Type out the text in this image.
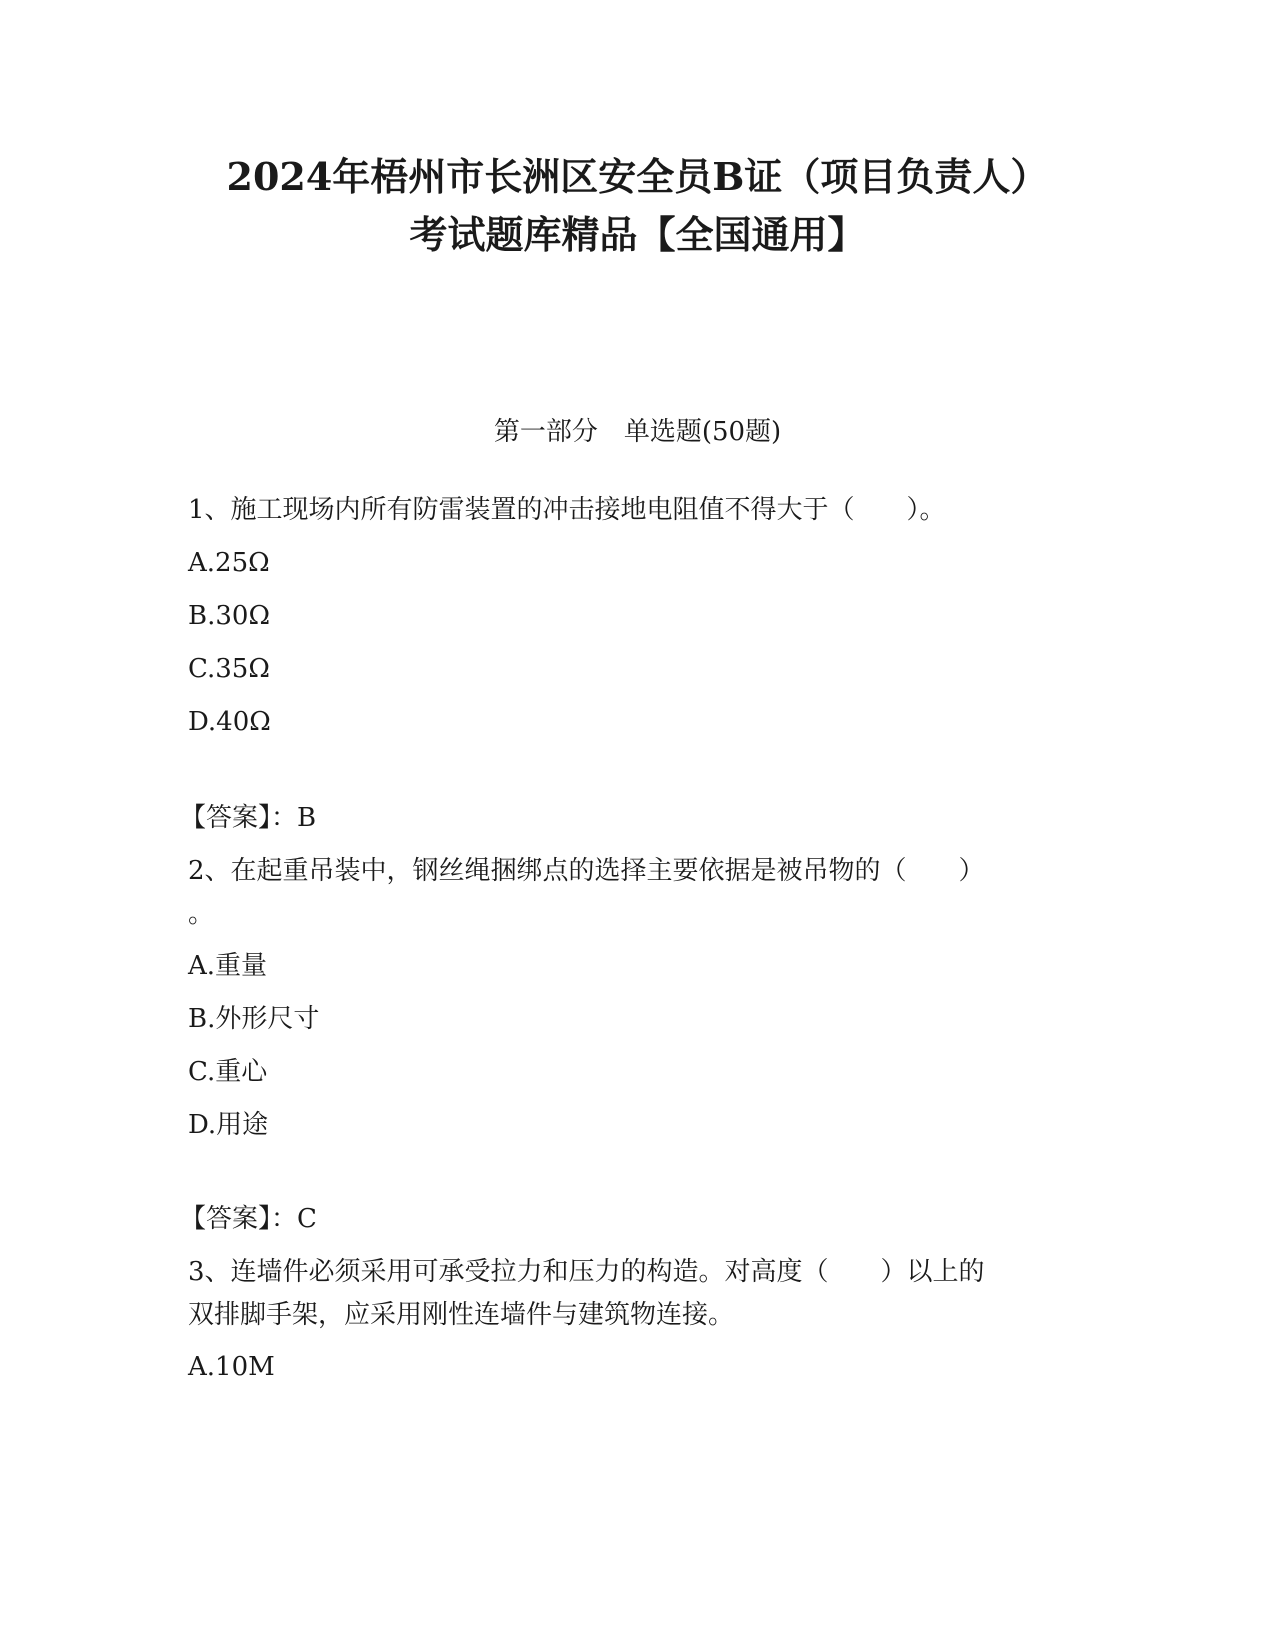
2024年梧州市长洲区安全员B证（项目负责人）
考试题库精品【全国通用】
第一部分　单选题(50题)
1、施工现场内所有防雷装置的冲击接地电阻值不得大于（　　）。
A.25Ω
B.30Ω
C.35Ω
D.40Ω
【答案】：B
2、在起重吊装中，钢丝绳捆绑点的选择主要依据是被吊物的（　　）
。
A.重量
B.外形尺寸
C.重心
D.用途
【答案】：C
3、连墙件必须采用可承受拉力和压力的构造。对高度（　　）以上的
双排脚手架，应采用刚性连墙件与建筑物连接。
A.10M
